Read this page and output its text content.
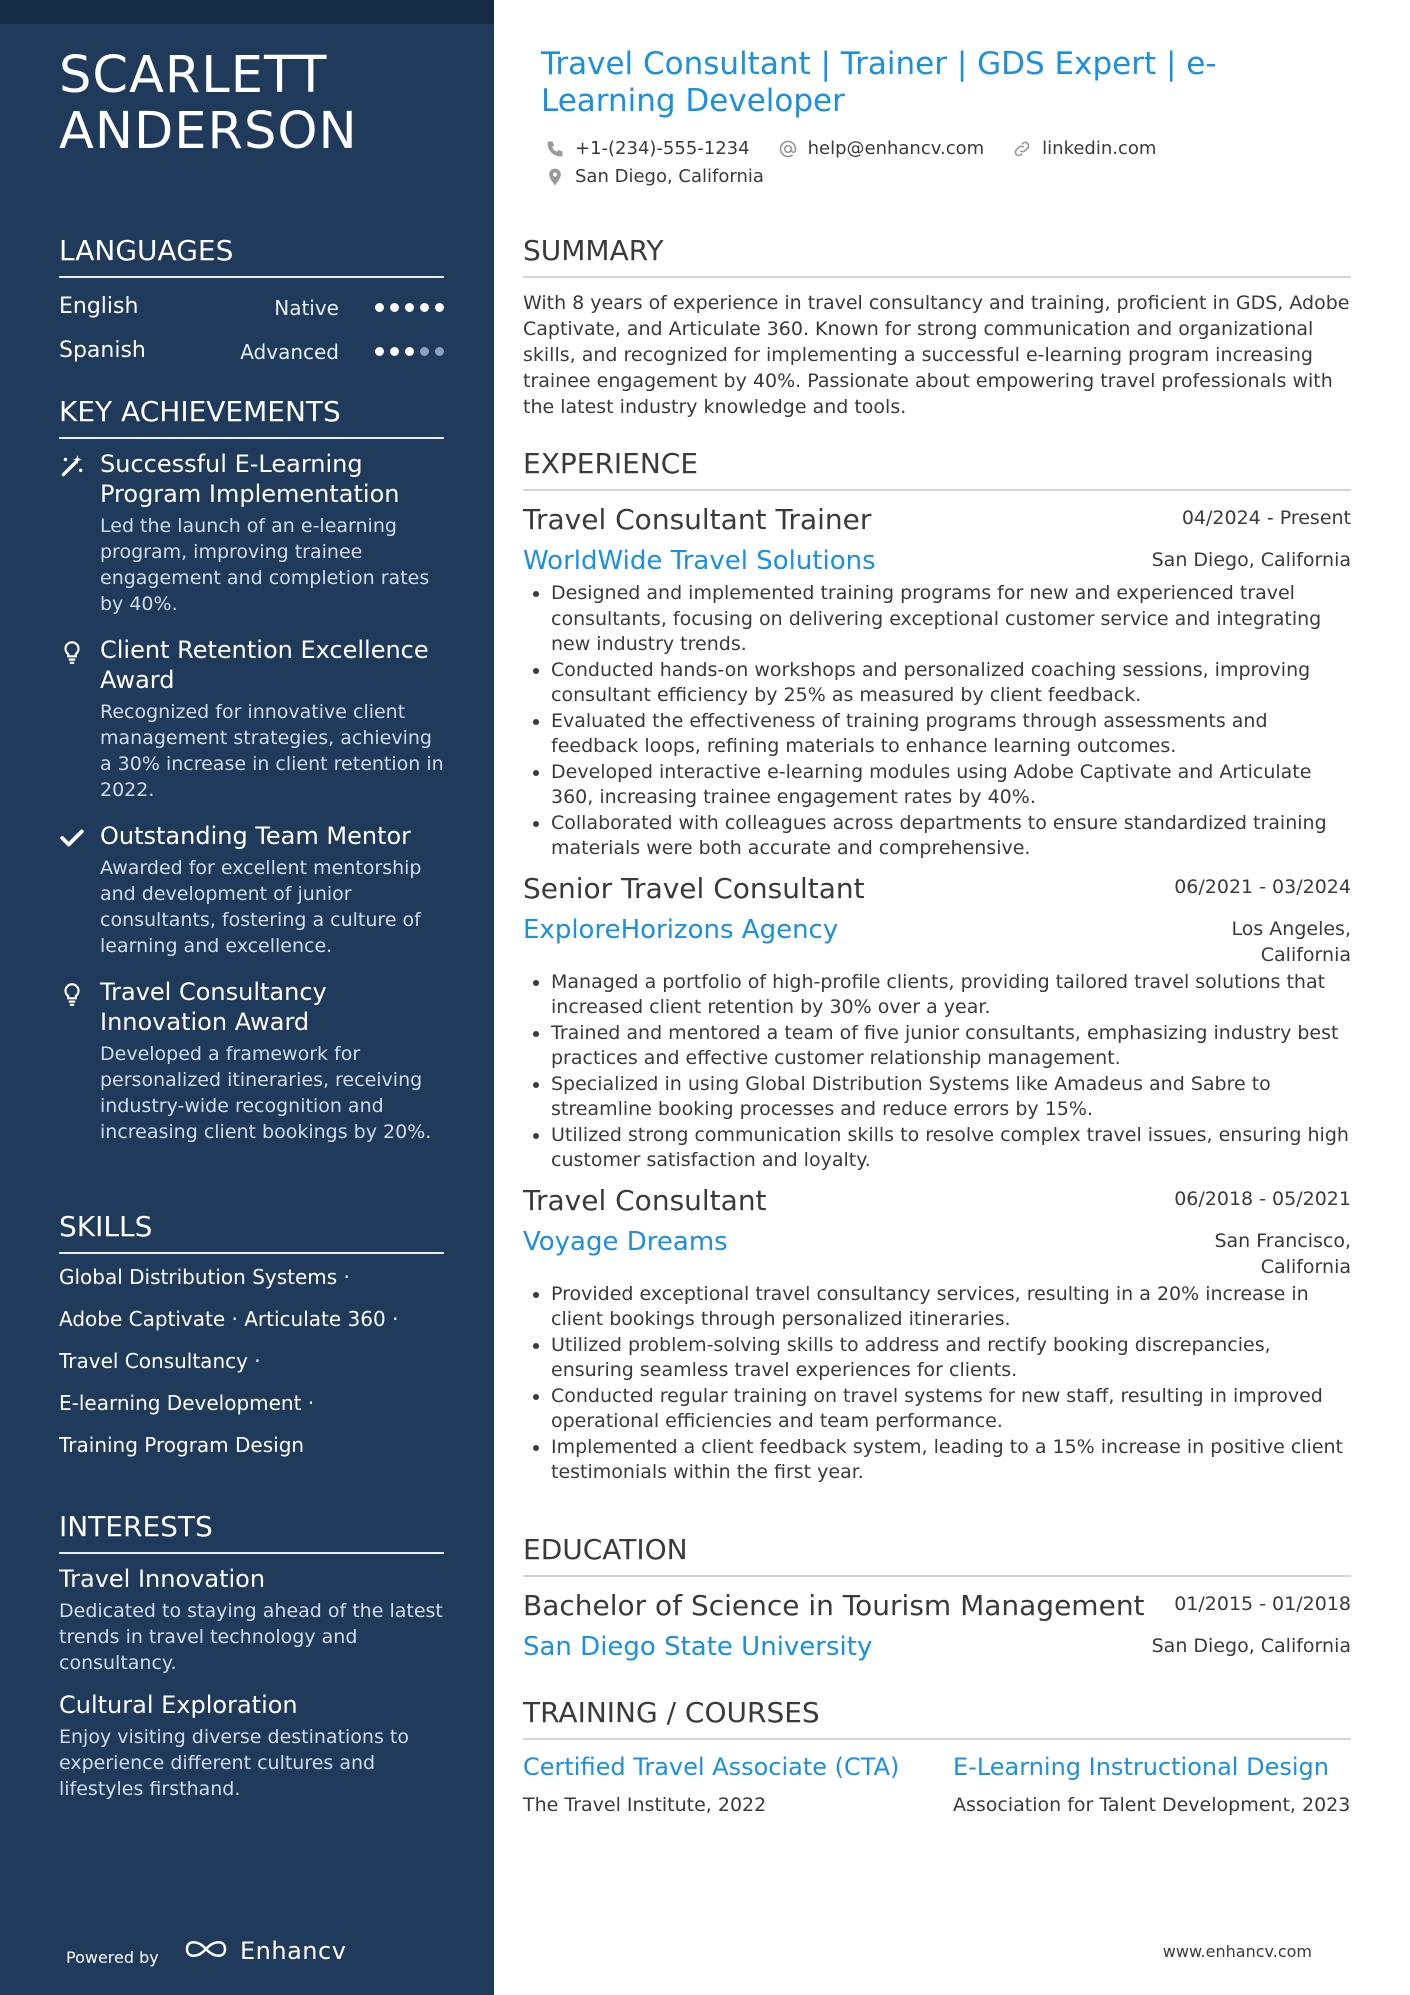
SCARLETT
ANDERSON
LANGUAGES
English	Native
Spanish	Advanced
KEY ACHIEVEMENTS
Successful E-Learning Program Implementation
Led the launch of an e-learning program, improving trainee engagement and completion rates by 40%.
Client Retention Excellence Award
Recognized for innovative client management strategies, achieving a 30% increase in client retention in 2022.
Outstanding Team Mentor
Awarded for excellent mentorship and development of junior consultants, fostering a culture of learning and excellence.
Travel Consultancy Innovation Award
Developed a framework for personalized itineraries, receiving industry-wide recognition and increasing client bookings by 20%.
SKILLS
Global Distribution Systems ·
Adobe Captivate · Articulate 360 ·
Travel Consultancy ·
E-learning Development ·
Training Program Design
INTERESTS
Travel Innovation
Dedicated to staying ahead of the latest trends in travel technology and consultancy.
Cultural Exploration
Enjoy visiting diverse destinations to experience different cultures and lifestyles firsthand.
Powered by	Enhancv
Travel Consultant | Trainer | GDS Expert | e-Learning Developer
+1-(234)-555-1234	help@enhancv.com	linkedin.com
San Diego, California
SUMMARY
With 8 years of experience in travel consultancy and training, proficient in GDS, Adobe Captivate, and Articulate 360. Known for strong communication and organizational skills, and recognized for implementing a successful e-learning program increasing trainee engagement by 40%. Passionate about empowering travel professionals with the latest industry knowledge and tools.
EXPERIENCE
Travel Consultant Trainer	04/2024 - Present
WorldWide Travel Solutions	San Diego, California
• Designed and implemented training programs for new and experienced travel consultants, focusing on delivering exceptional customer service and integrating new industry trends.
• Conducted hands-on workshops and personalized coaching sessions, improving consultant efficiency by 25% as measured by client feedback.
• Evaluated the effectiveness of training programs through assessments and feedback loops, refining materials to enhance learning outcomes.
• Developed interactive e-learning modules using Adobe Captivate and Articulate 360, increasing trainee engagement rates by 40%.
• Collaborated with colleagues across departments to ensure standardized training materials were both accurate and comprehensive.
Senior Travel Consultant	06/2021 - 03/2024
ExploreHorizons Agency	Los Angeles, California
• Managed a portfolio of high-profile clients, providing tailored travel solutions that increased client retention by 30% over a year.
• Trained and mentored a team of five junior consultants, emphasizing industry best practices and effective customer relationship management.
• Specialized in using Global Distribution Systems like Amadeus and Sabre to streamline booking processes and reduce errors by 15%.
• Utilized strong communication skills to resolve complex travel issues, ensuring high customer satisfaction and loyalty.
Travel Consultant	06/2018 - 05/2021
Voyage Dreams	San Francisco, California
• Provided exceptional travel consultancy services, resulting in a 20% increase in client bookings through personalized itineraries.
• Utilized problem-solving skills to address and rectify booking discrepancies, ensuring seamless travel experiences for clients.
• Conducted regular training on travel systems for new staff, resulting in improved operational efficiencies and team performance.
• Implemented a client feedback system, leading to a 15% increase in positive client testimonials within the first year.
EDUCATION
Bachelor of Science in Tourism Management 01/2015 - 01/2018
San Diego State University	San Diego, California
TRAINING / COURSES
Certified Travel Associate (CTA)
The Travel Institute, 2022
E-Learning Instructional Design
Association for Talent Development, 2023
www.enhancv.com
